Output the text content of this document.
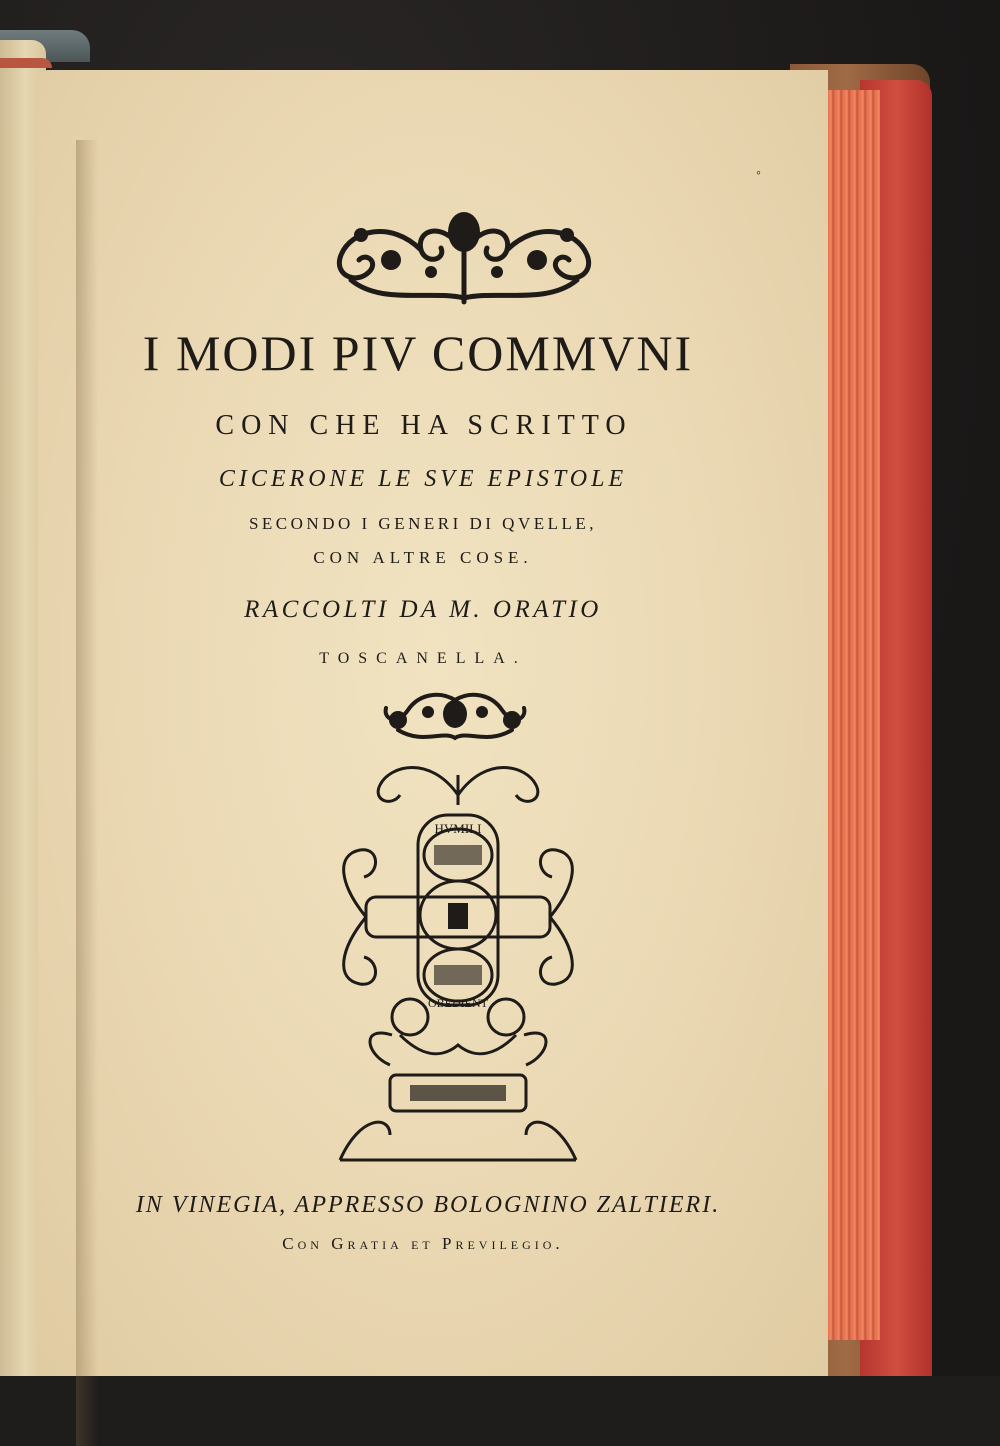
◦
I MODI PIV COMMVNI
CON CHE HA SCRITTO
CICERONE LE SVE EPISTOLE
SECONDO I GENERI DI QVELLE,
CON ALTRE COSE.
RACCOLTI DA M. ORATIO
TOSCANELLA.
HVMILI
OBEDIENT
IN VINEGIA, APPRESSO BOLOGNINO ZALTIERI.
Con Gratia et Previlegio.
